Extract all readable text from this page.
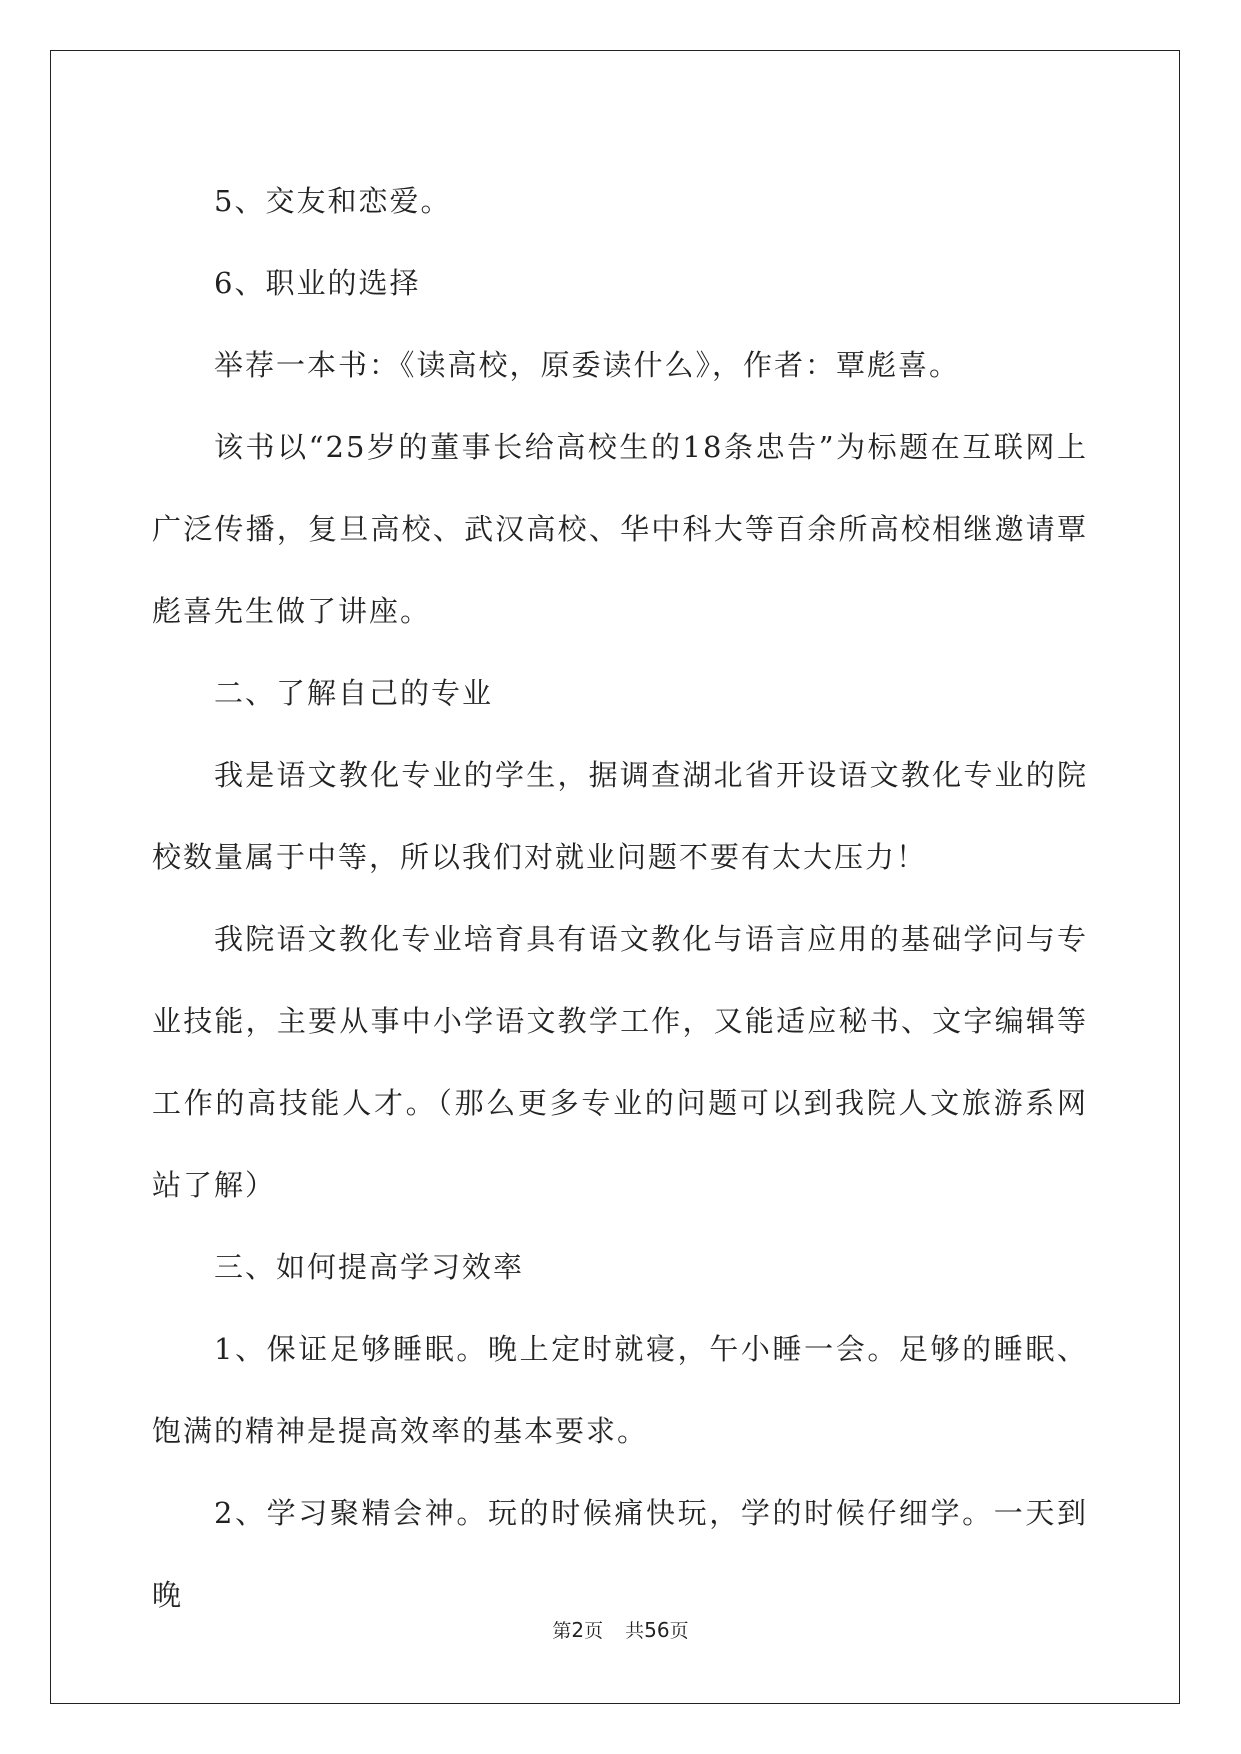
5、交友和恋爱。

6、职业的选择

举荐一本书：《读高校，原委读什么》，作者：覃彪喜。

该书以“25岁的董事长给高校生的18条忠告”为标题在互联网上广泛传播，复旦高校、武汉高校、华中科大等百余所高校相继邀请覃彪喜先生做了讲座。

二、了解自己的专业

我是语文教化专业的学生，据调查湖北省开设语文教化专业的院校数量属于中等，所以我们对就业问题不要有太大压力！

我院语文教化专业培育具有语文教化与语言应用的基础学问与专业技能，主要从事中小学语文教学工作，又能适应秘书、文字编辑等工作的高技能人才。（那么更多专业的问题可以到我院人文旅游系网站了解）

三、如何提高学习效率

1、保证足够睡眠。晚上定时就寝，午小睡一会。足够的睡眠、饱满的精神是提高效率的基本要求。

2、学习聚精会神。玩的时候痛快玩，学的时候仔细学。一天到晚

第2页 共56页
